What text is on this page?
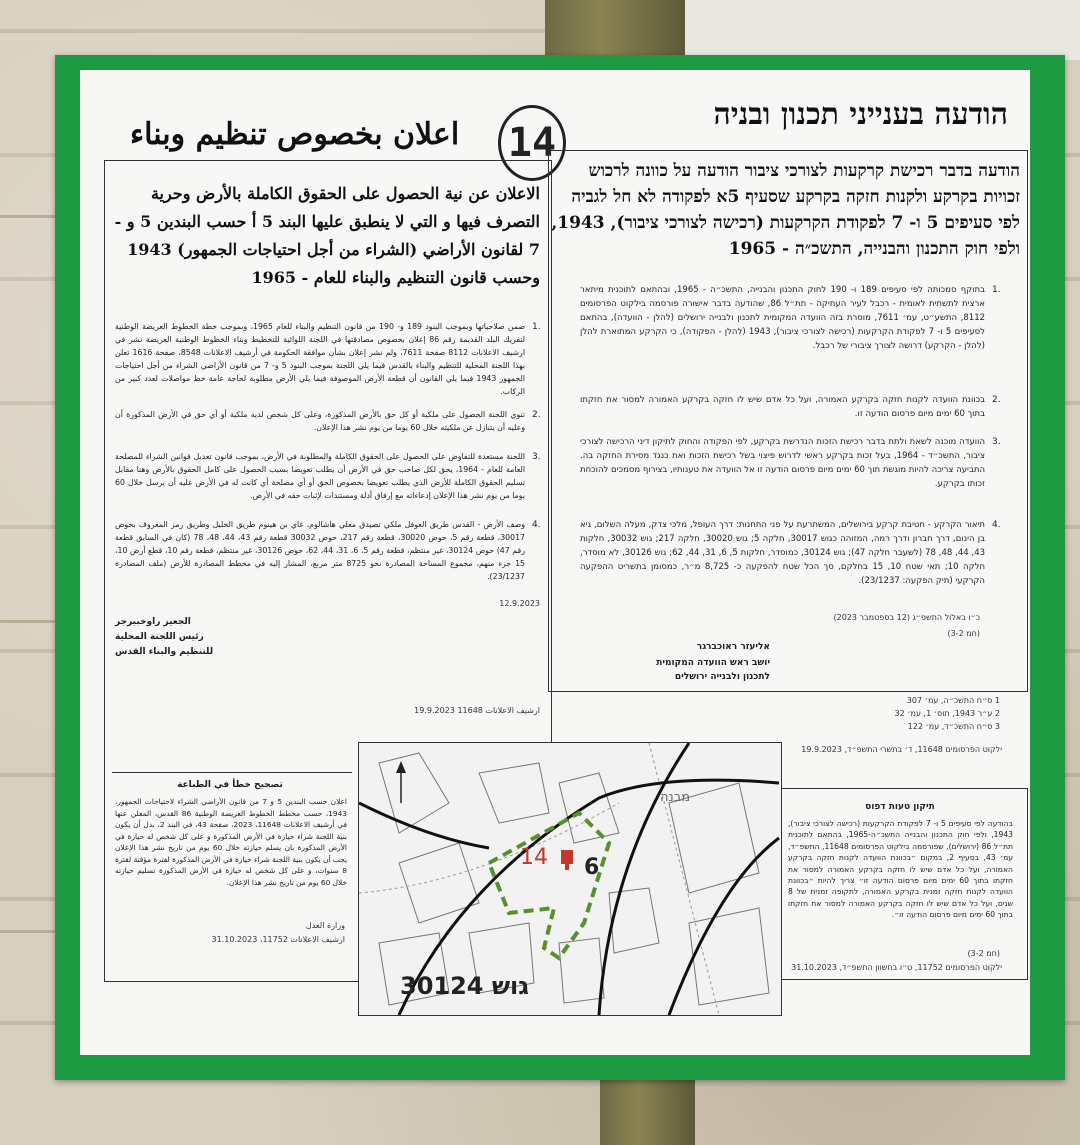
הודעה בענייני תכנון ובניה
اعلان بخصوص تنظيم وبناء 14
הודעה בדבר רכישת קרקעות לצורכי ציבור הודעה על כוונה לרכוש זכויות בקרקע ולקנות חזקה בקרקע שסעיף 5א לפקודה לא חל לגביה לפי סעיפים 5 ו- 7 לפקודת הקרקעות (רכישה לצורכי ציבור), 1943, ולפי חוק התכנון והבנייה, התשכ״ה - 1965
1.
בתוקף סמכותה לפי סעיפים 189 ו- 190 לחוק התכנון והבנייה, התשכ״ה - 1965, ובהתאם לתוכנית מיתאר ארצית לתשתית לאומית - רכבל לעיר העתיקה - תת״ל 86, שהודעה בדבר אישורה פורסמה בילקוט הפרסומים 8112, התשע״ט, עמ׳ 7611, מוסרת בזה הוועדה המקומית לתכנון ולבנייה ירושלים (להלן - הוועדה), בהתאם לסעיפים 5 ו- 7 לפקודת הקרקעות (רכישה לצורכי ציבור), 1943 (להלן - הפקודה), כי הקרקע המתוארת להלן (להלן - הקרקע) דרושה לצורך ציבורי של רכבל.
2.
בכוונת הוועדה לקנות חזקה בקרקע האמורה, ועל כל אדם שיש לו חזקה בקרקע האמורה למסור את חזקתו בתוך 60 ימים מיום פרסום הודעה זו.
3.
הוועדה מוכנה לשאת ולתת בדבר רכישת הזכות הנדרשת בקרקע, לפי הפקודה והחוק לתיקון דיני הרכישה לצורכי ציבור, התשכ״ד - 1964, בעל זכות בקרקע ראשי לדרוש פיצוי בשל רכישת הזכות ואת כנגד מסירת החזקה בה. התביעה צריכה להיות מוגשת תוך 60 ימים מיום פרסום הודעה זו אל הוועדה את טענותיו, בצירוף מסמכים להוכחת זכותו בקרקע.
4.
תיאור הקרקע - חטיבת קרקע בירושלים, המשתרעת על פני התחנות: דרך העופל, מלכי צדק, מעלה השלום, גיא בן הינום, דרך חברון ודרך רמה, המזוהה כגוש 30017, חלקה 5; גוש 30020, חלקה 217; גוש 30032, חלקות 43, 44, 48, 78 (לשעבר חלקה 47); גוש 30124, כמוסדר, חלקות 5, 6, 31, 44, 62; גוש 30126, לא מוסדר, חלקה 10; תאי שטח 10, 15 בחלקם, סך הכל שטח להפקעה כ- 8,725 מ״ר, כמסומן בתשריט ההפקעה הקרקעי (תיק הפקעה: 23/1237).
כ״ו באלול התשפ״ג (12 בספטמבר 2023)
(חמ 3-2)
אליעזר ראוכברגר
יושב ראש הוועדה המקומית
לתכנון ולבנייה ירושלים
1 ס״ח התשכ״ה, עמ׳ 307
2 ע״ר 1943, תוס׳ 1, עמ׳ 32
3 ס״ח התשכ״ד, עמ׳ 122
ילקוט הפרסומים 11648, ד׳ בתשרי התשפ״ד, 19.9.2023
תיקון טעות דפוס
בהודעה לפי סעיפים 5 ו- 7 לפקודת הקרקעות (רכישה לצורכי ציבור), 1943, ולפי חוק התכנון והבנייה התשכ״ה-1965, בהתאם לתוכנית תת״ל 86 (ירושלים), שפורסמה בילקוט הפרסומים 11648, התשפ״ד, עמ׳ 43, בסעיף 2, במקום ״בכוונת הוועדה לקנות חזקה בקרקע האמורה, ועל כל אדם שיש לו חזקה בקרקע האמורה למסור את חזקתו בתוך 60 ימים מיום פרסום הודעה זו״ צריך להיות ״בכוונת הוועדה לקנות חזקה זמנית בקרקע האמורה, לתקופה זמנית של 8 שנים, ועל כל אדם שיש לו חזקה בקרקע האמורה למסור את חזקתו בתוך 60 ימים מיום פרסום הודעה זו״.
(חמ 3-2)
ילקוט הפרסומים 11752, ט״ו בחשוון התשפ״ד, 31.10.2023
الاعلان عن نية الحصول على الحقوق الكاملة بالأرض وحرية التصرف فيها و التي لا ينطبق عليها البند 5 أ حسب البندين 5 و - 7 لقانون الأراضي (الشراء من أجل احتياجات الجمهور) 1943 وحسب قانون التنظيم والبناء للعام - 1965
1.
ضمن صلاحياتها وبموجب البنود 189 و- 190 من قانون التنظيم والبناء للعام 1965، وبموجب خطة الخطوط العريضة الوطنية لتفريك البلد القديمة رقم 86 إعلان بخصوص مصادقتها في اللجنة اللوائية للتخطيط وبناء الخطوط الوطنية العريضة نشر في ارشيف الاعلانات 8112 صفحة 7611، ولم نشر إعلان بشأن موافقة الحكومة في أرشيف الاعلانات 8548، صفحة 1616 تعلن بهذا اللجنة المحلية للتنظيم والبناء بالقدس فيما يلي اللجنة بموجب البنود 5 و- 7 من قانون الأراضي الشراء من أجل احتياجات الجمهور 1943 فيما يلي القانون أن قطعة الأرض الموصوفة فيما يلي الأرض مطلوبة لحاجة عامة خط مواصلات لعدد كبير من الركاب.
2.
تنوي اللجنة الحصول على ملكية أو كل حق بالأرض المذكورة، وعلى كل شخص لديه ملكية أو أي حق في الأرض المذكورة أن وعليه أن يتنازل عن ملكيته خلال 60 يوما من يوم نشر هذا الإعلان.
3.
اللجنة مستعدة للتفاوض على الحصول على الحقوق الكاملة والمطلوبة في الأرض، بموجب قانون تعديل قوانين الشراء للمصلحة العامة للعام - 1964، يحق لكل صاحب حق في الأرض أن يطلب تعويضا بسبب الحصول على كامل الحقوق بالأرض وهنا مقابل تسليم الحقوق الكاملة للأرض الذي يطلب تعويضا بخصوص الحق أو أي مصلحة أي كانت له في الأرض عليه أن يرسل خلال 60 يوما من يوم نشر هذا الإعلان إدعاءاته مع إرفاق أدلة ومستندات لإثبات حقه في الأرض.
4.
وصف الأرض - القدس طريق العوفل ملكي تصيدق معلي هاشالوم، غاي بن هينوم طريق الخليل وطريق رمز المعروف بحوض 30017، قطعة رقم 5، حوض 30020، قطعة رقم 217، حوض 30032 قطعة رقم 43، 44، 48، 78 (كان في السابق قطعة رقم 47) حوض 30124، غير منتظم، قطعة رقم 5، 6، 31، 44، 62، حوض 30126، غير منتظم، قطعة رقم 10، قطع أرض 10، 15 جزء منهم، مجموع المساحة المصادرة نحو 8725 متر مربع، المشار إليه في مخطط المصادرة للأرض (ملف المصادرة 23/1237).
12.9.2023
الجعيز راوخبيرجر
رئيس اللجنة المحلية
للتنظيم والبناء القدس
ارشيف الاعلانات 11648 19.9.2023
تصحيح خطأ في الطباعة
اعلان حسب البندين 5 و 7 من قانون الأراضي الشراء لاحتياجات الجمهور، 1943، حسب مخطط الخطوط العريضة الوطنية 86 القدس، المعلن عنها في أرشيف الاعلانات 11648، 2023، صفحة 43، في البند 2، بدل أن يكون بنية اللجنة شراء حيازة في الأرض المذكورة و على كل شخص له حيازة في الأرض المذكورة بان يسلم حيازته خلال 60 يوم من تاريخ نشر هذا الإعلان يجب أن يكون بنية اللجنة شراء حيازة في الأرض المذكورة لفترة مؤقتة لفترة 8 سنوات، و على كل شخص له حيازة في الأرض المذكورة تسليم حيازته خلال 60 يوم من تاريخ نشر هذا الإعلان.
وزارة العدل
ارشيف الاعلانات 11752، 31.10.2023
14 6
גוש 30124
מבנה
